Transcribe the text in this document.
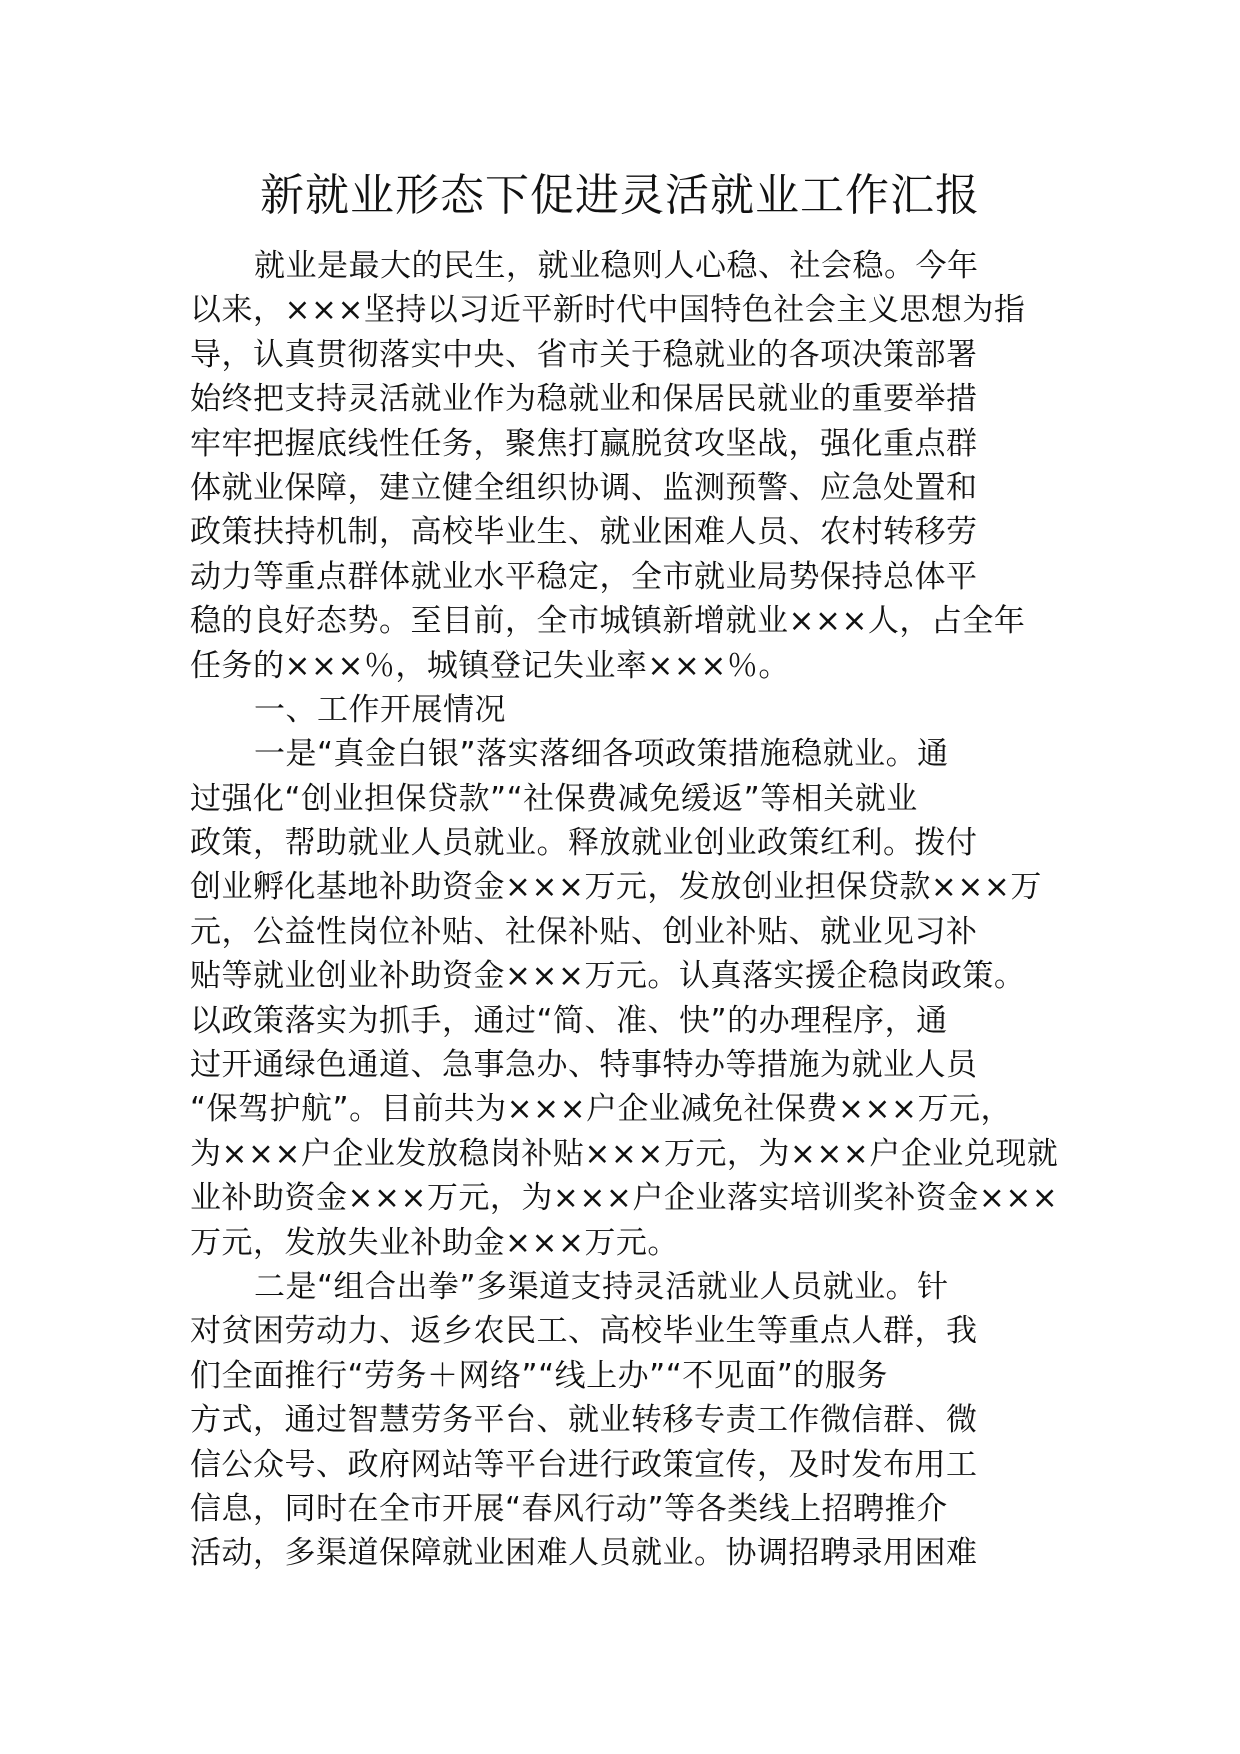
新就业形态下促进灵活就业工作汇报
就业是最大的民生，就业稳则人心稳、社会稳。今年
以来，×××坚持以习近平新时代中国特色社会主义思想为指
导，认真贯彻落实中央、省市关于稳就业的各项决策部署
始终把支持灵活就业作为稳就业和保居民就业的重要举措
牢牢把握底线性任务，聚焦打赢脱贫攻坚战，强化重点群
体就业保障，建立健全组织协调、监测预警、应急处置和
政策扶持机制，高校毕业生、就业困难人员、农村转移劳
动力等重点群体就业水平稳定，全市就业局势保持总体平
稳的良好态势。至目前，全市城镇新增就业×××人，占全年
任务的×××％，城镇登记失业率×××％。
一、工作开展情况
一是“真金白银”落实落细各项政策措施稳就业。通
过强化“创业担保贷款”“社保费减免缓返”等相关就业
政策，帮助就业人员就业。释放就业创业政策红利。拨付
创业孵化基地补助资金×××万元，发放创业担保贷款×××万
元，公益性岗位补贴、社保补贴、创业补贴、就业见习补
贴等就业创业补助资金×××万元。认真落实援企稳岗政策。
以政策落实为抓手，通过“简、准、快”的办理程序，通
过开通绿色通道、急事急办、特事特办等措施为就业人员
“保驾护航”。目前共为×××户企业减免社保费×××万元，
为×××户企业发放稳岗补贴×××万元，为×××户企业兑现就
业补助资金×××万元，为×××户企业落实培训奖补资金×××
万元，发放失业补助金×××万元。
二是“组合出拳”多渠道支持灵活就业人员就业。针
对贫困劳动力、返乡农民工、高校毕业生等重点人群，我
们全面推行“劳务＋网络”“线上办”“不见面”的服务
方式，通过智慧劳务平台、就业转移专责工作微信群、微
信公众号、政府网站等平台进行政策宣传，及时发布用工
信息，同时在全市开展“春风行动”等各类线上招聘推介
活动，多渠道保障就业困难人员就业。协调招聘录用困难
